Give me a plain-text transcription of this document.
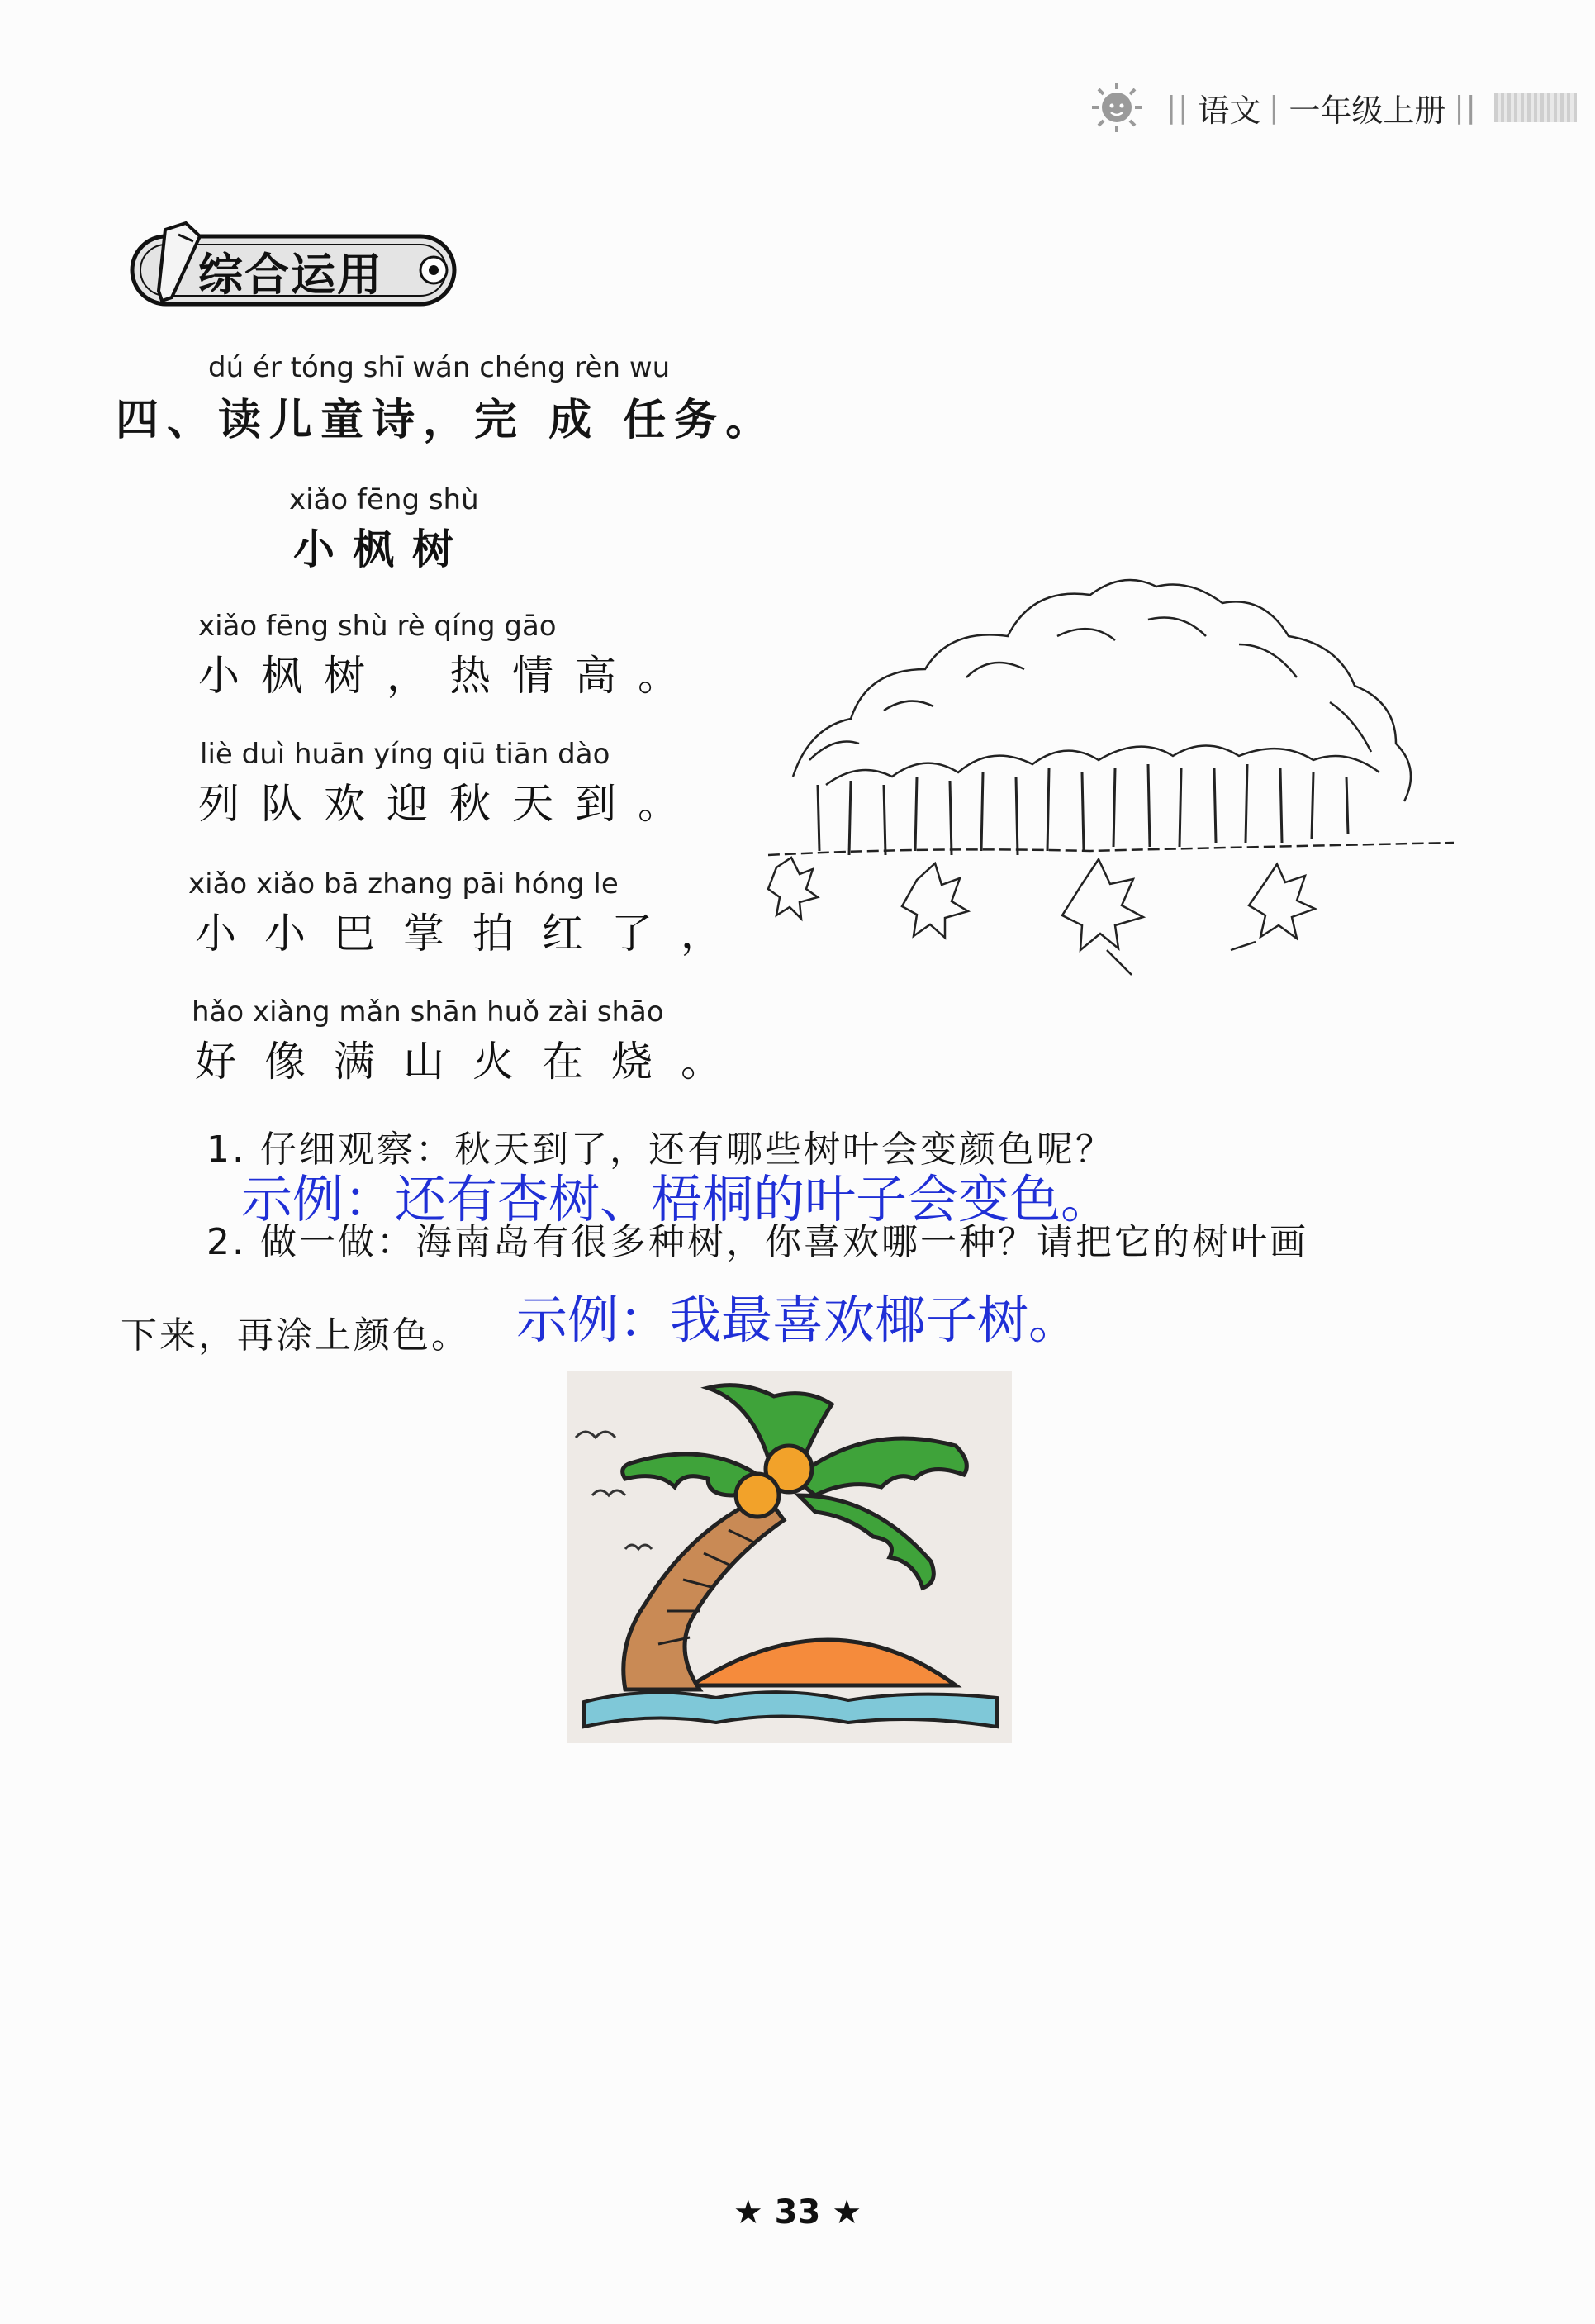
|| 语文 | 一年级上册 ||
综合运用
dú ér tóng shī wán chéng rèn wu
四、读儿童诗，完 成 任务。
xiǎo fēng shù
小枫树
xiǎo fēng shù rè qíng gāo
小枫树，热情高。
liè duì huān yíng qiū tiān dào
列队欢迎秋天到。
xiǎo xiǎo bā zhang pāi hóng le
小小巴掌拍红了，
hǎo xiàng mǎn shān huǒ zài shāo
好像满山火在烧。
1. 仔细观察：秋天到了，还有哪些树叶会变颜色呢？
示例：还有杏树、梧桐的叶子会变色。
2. 做一做：海南岛有很多种树，你喜欢哪一种？请把它的树叶画
下来，再涂上颜色。 示例：我最喜欢椰子树。
★ 33 ★
